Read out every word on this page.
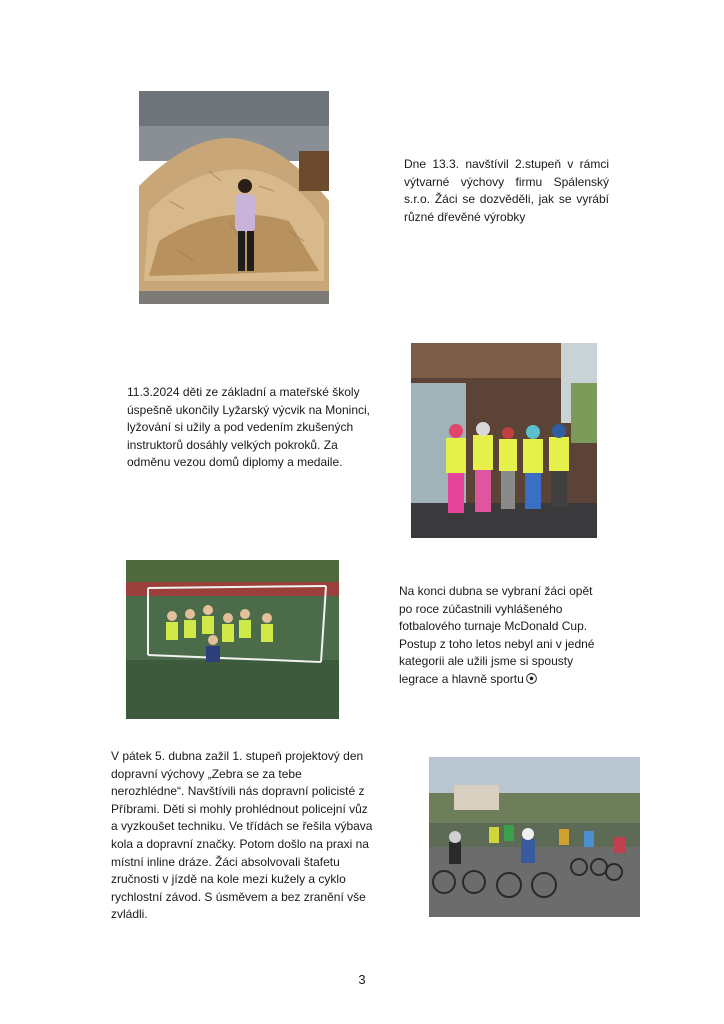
Dne 13.3. navštívil 2.stupeň v rámci výtvarné výchovy firmu Spálenský s.r.o. Žáci se dozvěděli, jak se vyrábí různé dřevěné výrobky

11.3.2024 děti ze základní a mateřské školy úspešně ukončily Lyžarský výcvik na Moninci, lyžování si užily a pod vedením zkušených instruktorů dosáhly velkých pokroků. Za odměnu vezou domů diplomy a medaile.

Na konci dubna se vybraní žáci opět po roce zúčastnili vyhlášeného fotbalového turnaje McDonald Cup. Postup z toho letos nebyl ani v jedné kategorii ale užili jsme si spousty legrace a hlavně sportu

V pátek 5. dubna zažil 1. stupeň projektový den dopravní výchovy „Zebra se za tebe nerozhlédne“. Navštívili nás dopravní policisté z Příbrami. Děti si mohly prohlédnout policejní vůz a vyzkoušet techniku. Ve třídách se řešila výbava kola a dopravní značky. Potom došlo na praxi na místní inline dráze. Žáci absolvovali štafetu zručnosti v jízdě na kole mezi kužely a cyklo rychlostní závod. S úsměvem a bez zranění vše zvládli.

3
